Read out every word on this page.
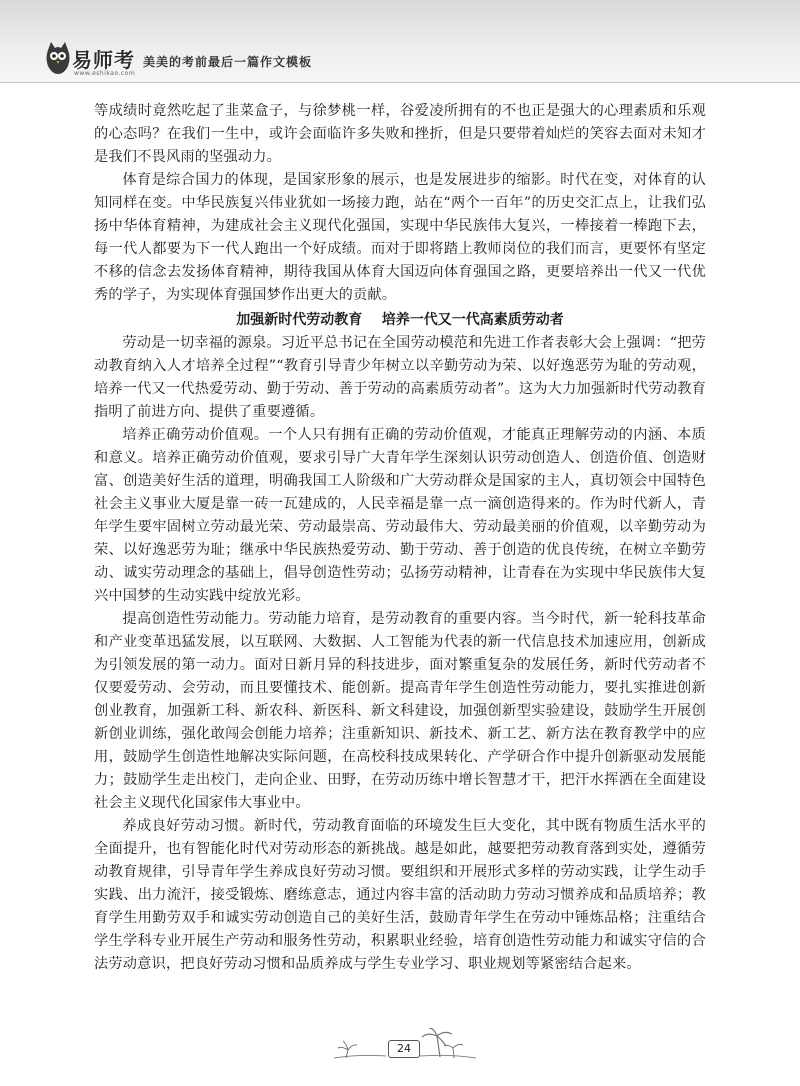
易师考
www.eshikao.com
美美的考前最后一篇作文模板

等成绩时竟然吃起了韭菜盒子，与徐梦桃一样，谷爱凌所拥有的不也正是强大的心理素质和乐观的心态吗？在我们一生中，或许会面临许多失败和挫折，但是只要带着灿烂的笑容去面对未知才是我们不畏风雨的坚强动力。

体育是综合国力的体现，是国家形象的展示，也是发展进步的缩影。时代在变，对体育的认知同样在变。中华民族复兴伟业犹如一场接力跑，站在“两个一百年”的历史交汇点上，让我们弘扬中华体育精神，为建成社会主义现代化强国，实现中华民族伟大复兴，一棒接着一棒跑下去，每一代人都要为下一代人跑出一个好成绩。而对于即将踏上教师岗位的我们而言，更要怀有坚定不移的信念去发扬体育精神，期待我国从体育大国迈向体育强国之路，更要培养出一代又一代优秀的学子，为实现体育强国梦作出更大的贡献。

加强新时代劳动教育    培养一代又一代高素质劳动者

劳动是一切幸福的源泉。习近平总书记在全国劳动模范和先进工作者表彰大会上强调：“把劳动教育纳入人才培养全过程”“教育引导青少年树立以辛勤劳动为荣、以好逸恶劳为耻的劳动观，培养一代又一代热爱劳动、勤于劳动、善于劳动的高素质劳动者”。这为大力加强新时代劳动教育指明了前进方向、提供了重要遵循。

培养正确劳动价值观。一个人只有拥有正确的劳动价值观，才能真正理解劳动的内涵、本质和意义。培养正确劳动价值观，要求引导广大青年学生深刻认识劳动创造人、创造价值、创造财富、创造美好生活的道理，明确我国工人阶级和广大劳动群众是国家的主人，真切领会中国特色社会主义事业大厦是靠一砖一瓦建成的，人民幸福是靠一点一滴创造得来的。作为时代新人，青年学生要牢固树立劳动最光荣、劳动最崇高、劳动最伟大、劳动最美丽的价值观，以辛勤劳动为荣、以好逸恶劳为耻；继承中华民族热爱劳动、勤于劳动、善于创造的优良传统，在树立辛勤劳动、诚实劳动理念的基础上，倡导创造性劳动；弘扬劳动精神，让青春在为实现中华民族伟大复兴中国梦的生动实践中绽放光彩。

提高创造性劳动能力。劳动能力培育，是劳动教育的重要内容。当今时代，新一轮科技革命和产业变革迅猛发展，以互联网、大数据、人工智能为代表的新一代信息技术加速应用，创新成为引领发展的第一动力。面对日新月异的科技进步，面对繁重复杂的发展任务，新时代劳动者不仅要爱劳动、会劳动，而且要懂技术、能创新。提高青年学生创造性劳动能力，要扎实推进创新创业教育，加强新工科、新农科、新医科、新文科建设，加强创新型实验建设，鼓励学生开展创新创业训练，强化敢闯会创能力培养；注重新知识、新技术、新工艺、新方法在教育教学中的应用，鼓励学生创造性地解决实际问题，在高校科技成果转化、产学研合作中提升创新驱动发展能力；鼓励学生走出校门，走向企业、田野，在劳动历练中增长智慧才干，把汗水挥洒在全面建设社会主义现代化国家伟大事业中。

养成良好劳动习惯。新时代，劳动教育面临的环境发生巨大变化，其中既有物质生活水平的全面提升，也有智能化时代对劳动形态的新挑战。越是如此，越要把劳动教育落到实处，遵循劳动教育规律，引导青年学生养成良好劳动习惯。要组织和开展形式多样的劳动实践，让学生动手实践、出力流汗，接受锻炼、磨练意志，通过内容丰富的活动助力劳动习惯养成和品质培养；教育学生用勤劳双手和诚实劳动创造自己的美好生活，鼓励青年学生在劳动中锤炼品格；注重结合学生学科专业开展生产劳动和服务性劳动，积累职业经验，培育创造性劳动能力和诚实守信的合法劳动意识，把良好劳动习惯和品质养成与学生专业学习、职业规划等紧密结合起来。

24
